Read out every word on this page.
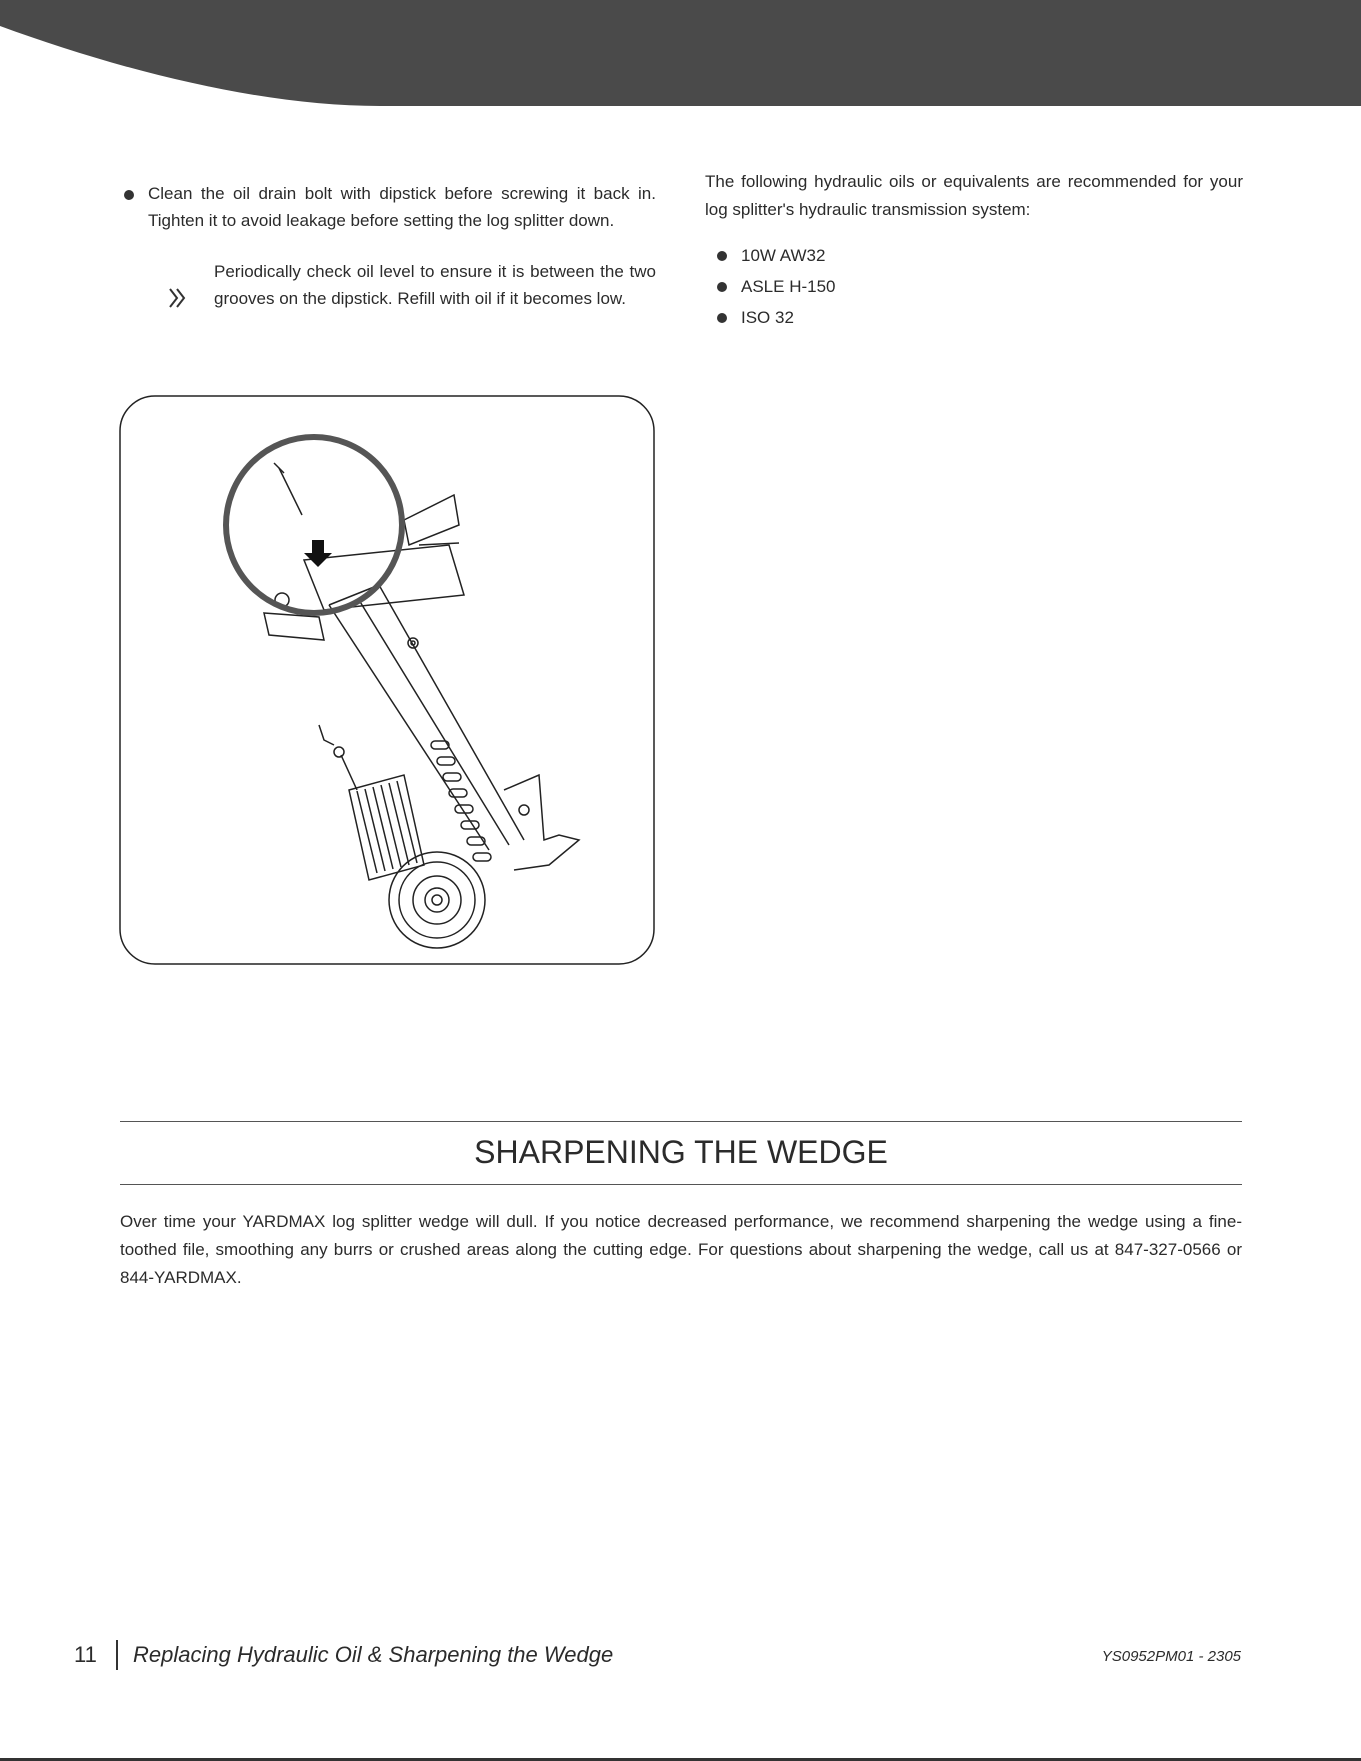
Clean the oil drain bolt with dipstick before screwing it back in. Tighten it to avoid leakage before setting the log splitter down.

Periodically check oil level to ensure it is between the two grooves on the dipstick. Refill with oil if it becomes low.

The following hydraulic oils or equivalents are recommended for your log splitter's hydraulic transmission system:

10W AW32
ASLE H-150
ISO 32
SHARPENING THE WEDGE

Over time your YARDMAX log splitter wedge will dull. If you notice decreased performance, we recommend sharpening the wedge using a fine-toothed file, smoothing any burrs or crushed areas along the cutting edge. For questions about sharpening the wedge, call us at 847-327-0566 or 844-YARDMAX.

11 Replacing Hydraulic Oil & Sharpening the Wedge	YS0952PM01 - 2305
